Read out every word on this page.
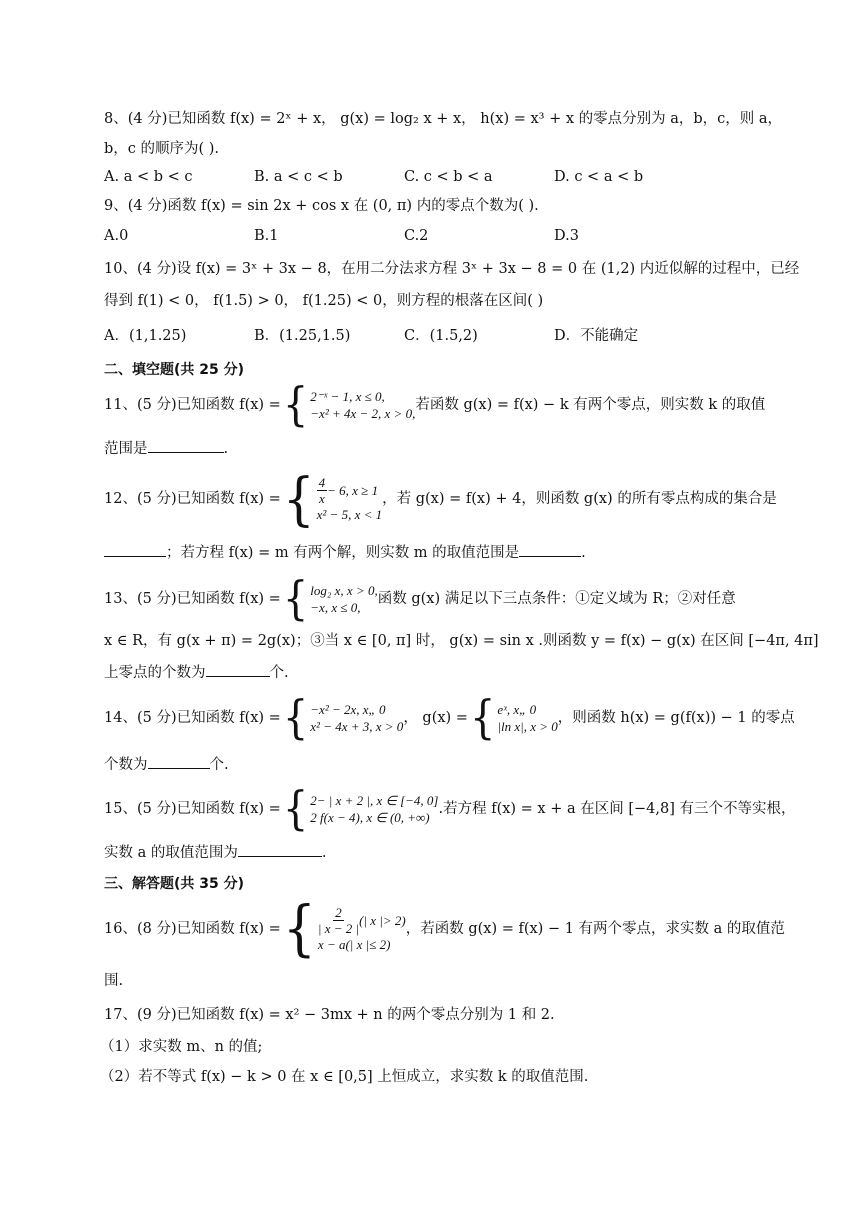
8、(4 分)已知函数 f(x) = 2ˣ + x， g(x) = log₂ x + x， h(x) = x³ + x 的零点分别为 a，b，c，则 a，
b，c 的顺序为( ).
A. a < b < c	B. a < c < b	C. c < b < a	D. c < a < b
9、(4 分)函数 f(x) = sin 2x + cos x 在 (0, π) 内的零点个数为( ).
A.0	B.1	C.2	D.3
10、(4 分)设 f(x) = 3ˣ + 3x − 8，在用二分法求方程 3ˣ + 3x − 8 = 0 在 (1,2) 内近似解的过程中，已经
得到 f(1) < 0， f(1.5) > 0， f(1.25) < 0，则方程的根落在区间( )
A．(1,1.25)	B．(1.25,1.5)	C．(1.5,2)	D．不能确定
二、填空题(共 25 分)
11、(5 分)已知函数 f(x) = { 2⁻ˣ − 1, x ≤ 0,
−x² + 4x − 2, x > 0,
若函数 g(x) = f(x) − k 有两个零点，则实数 k 的取值
范围是	.
12、(5 分)已知函数 f(x) = { $\frac{4}{x} - 6$, x ≥ 1
x² − 5, x < 1
，若 g(x) = f(x) + 4，则函数 g(x) 的所有零点构成的集合是
；若方程 f(x) = m 有两个解，则实数 m 的取值范围是	.
13、(5 分)已知函数 f(x) = { log₂ x, x > 0,
−x, x ≤ 0,
函数 g(x) 满足以下三点条件：①定义域为 R；②对任意
x ∈ R，有 g(x + π) = 2g(x)；③当 x ∈ [0, π] 时， g(x) = sin x .则函数 y = f(x) − g(x) 在区间 [−4π, 4π]
上零点的个数为	个.
14、(5 分)已知函数 f(x) = { −x² − 2x, x„ 0
x² − 4x + 3, x > 0
， g(x) = { eˣ, x„ 0
|ln x|, x > 0
，则函数 h(x) = g(f(x)) − 1 的零点
个数为	个.
15、(5 分)已知函数 f(x) = { 2− | x + 2 |, x ∈ [−4, 0]
2 f(x − 4), x ∈ (0, +∞)
.若方程 f(x) = x + a 在区间 [−4,8] 有三个不等实根，
实数 a 的取值范围为	.
三、解答题(共 35 分)
16、(8 分)已知函数 f(x) = { $\frac{2}{| x - 2 |}$ (| x |> 2)
x − a(| x |≤ 2)
，若函数 g(x) = f(x) − 1 有两个零点，求实数 a 的取值范
围.
17、(9 分)已知函数 f(x) = x² − 3mx + n 的两个零点分别为 1 和 2.
（1）求实数 m、n 的值;
（2）若不等式 f(x) − k > 0 在 x ∈ [0,5] 上恒成立，求实数 k 的取值范围.
